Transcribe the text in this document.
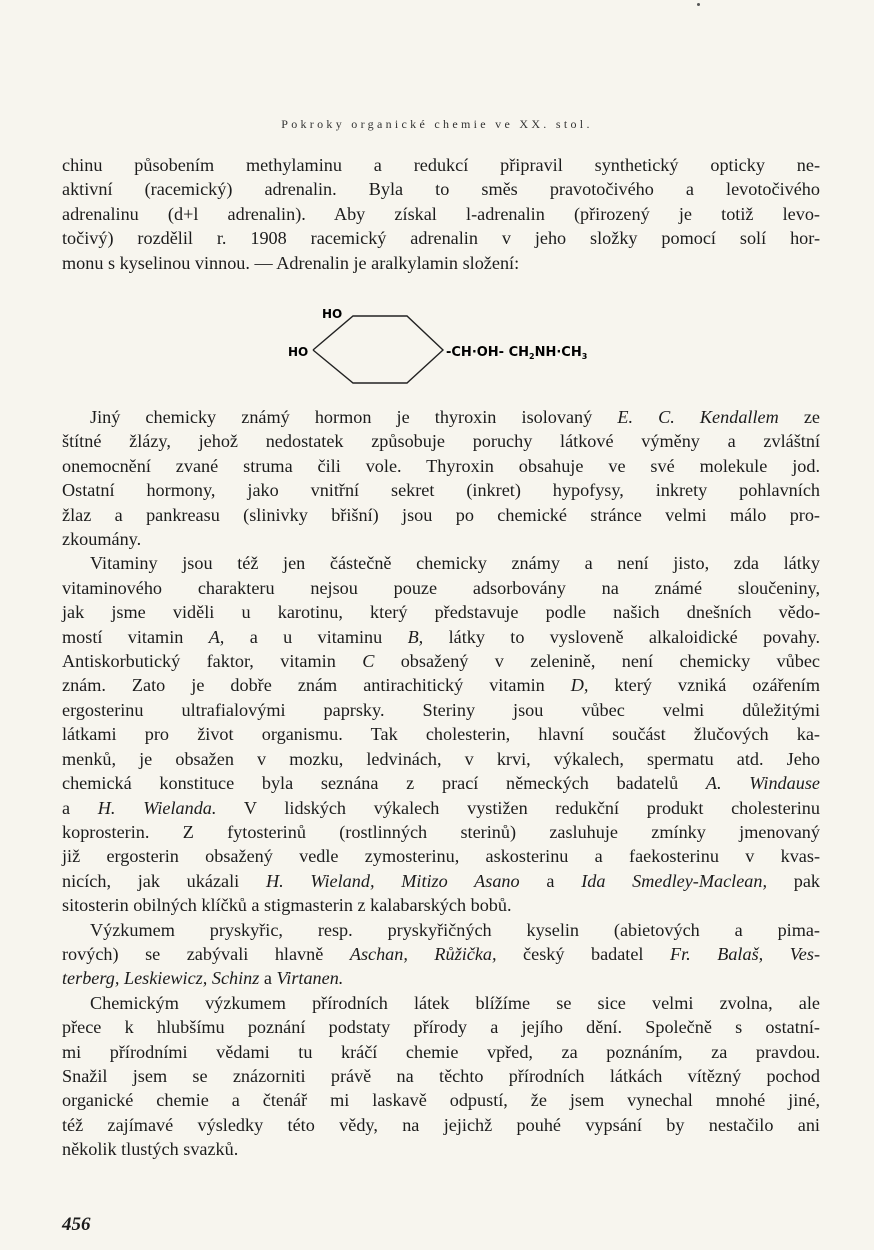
Pokroky organické chemie ve XX. stol.
chinu působením methylaminu a redukcí připravil synthetický opticky ne-
aktivní (racemický) adrenalin. Byla to směs pravotočivého a levotočivého
adrenalinu (d+l adrenalin). Aby získal l-adrenalin (přirozený je totiž levo-
točivý) rozdělil r. 1908 racemický adrenalin v jeho složky pomocí solí hor-
monu s kyselinou vinnou. — Adrenalin je aralkylamin složení:
HO
HO	-CH·OH- $CH_2NH\cdot CH_3$
Jiný chemicky známý hormon je thyroxin isolovaný E. C. Kendallem ze
štítné žlázy, jehož nedostatek způsobuje poruchy látkové výměny a zvláštní
onemocnění zvané struma čili vole. Thyroxin obsahuje ve své molekule jod.
Ostatní hormony, jako vnitřní sekret (inkret) hypofysy, inkrety pohlavních
žlaz a pankreasu (slinivky břišní) jsou po chemické stránce velmi málo pro-
zkoumány.
Vitaminy jsou též jen částečně chemicky známy a není jisto, zda látky
vitaminového charakteru nejsou pouze adsorbovány na známé sloučeniny,
jak jsme viděli u karotinu, který představuje podle našich dnešních vědo-
mostí vitamin A, a u vitaminu B, látky to vysloveně alkaloidické povahy.
Antiskorbutický faktor, vitamin C obsažený v zelenině, není chemicky vůbec
znám. Zato je dobře znám antirachitický vitamin D, který vzniká ozářením
ergosterinu ultrafialovými paprsky. Steriny jsou vůbec velmi důležitými
látkami pro život organismu. Tak cholesterin, hlavní součást žlučových ka-
menků, je obsažen v mozku, ledvinách, v krvi, výkalech, spermatu atd. Jeho
chemická konstituce byla seznána z prací německých badatelů A. Windause
a H. Wielanda. V lidských výkalech vystižen redukční produkt cholesterinu
koprosterin. Z fytosterinů (rostlinných sterinů) zasluhuje zmínky jmenovaný
již ergosterin obsažený vedle zymosterinu, askosterinu a faekosterinu v kvas-
nicích, jak ukázali H. Wieland, Mitizo Asano a Ida Smedley-Maclean, pak
sitosterin obilných klíčků a stigmasterin z kalabarských bobů.
Výzkumem pryskyřic, resp. pryskyřičných kyselin (abietových a pima-
rových) se zabývali hlavně Aschan, Růžička, český badatel Fr. Balaš, Ves-
terberg, Leskiewicz, Schinz a Virtanen.
Chemickým výzkumem přírodních látek blížíme se sice velmi zvolna, ale
přece k hlubšímu poznání podstaty přírody a jejího dění. Společně s ostatní-
mi přírodními vědami tu kráčí chemie vpřed, za poznáním, za pravdou.
Snažil jsem se znázorniti právě na těchto přírodních látkách vítězný pochod
organické chemie a čtenář mi laskavě odpustí, že jsem vynechal mnohé jiné,
též zajímavé výsledky této vědy, na jejichž pouhé vypsání by nestačilo ani
několik tlustých svazků.
456
